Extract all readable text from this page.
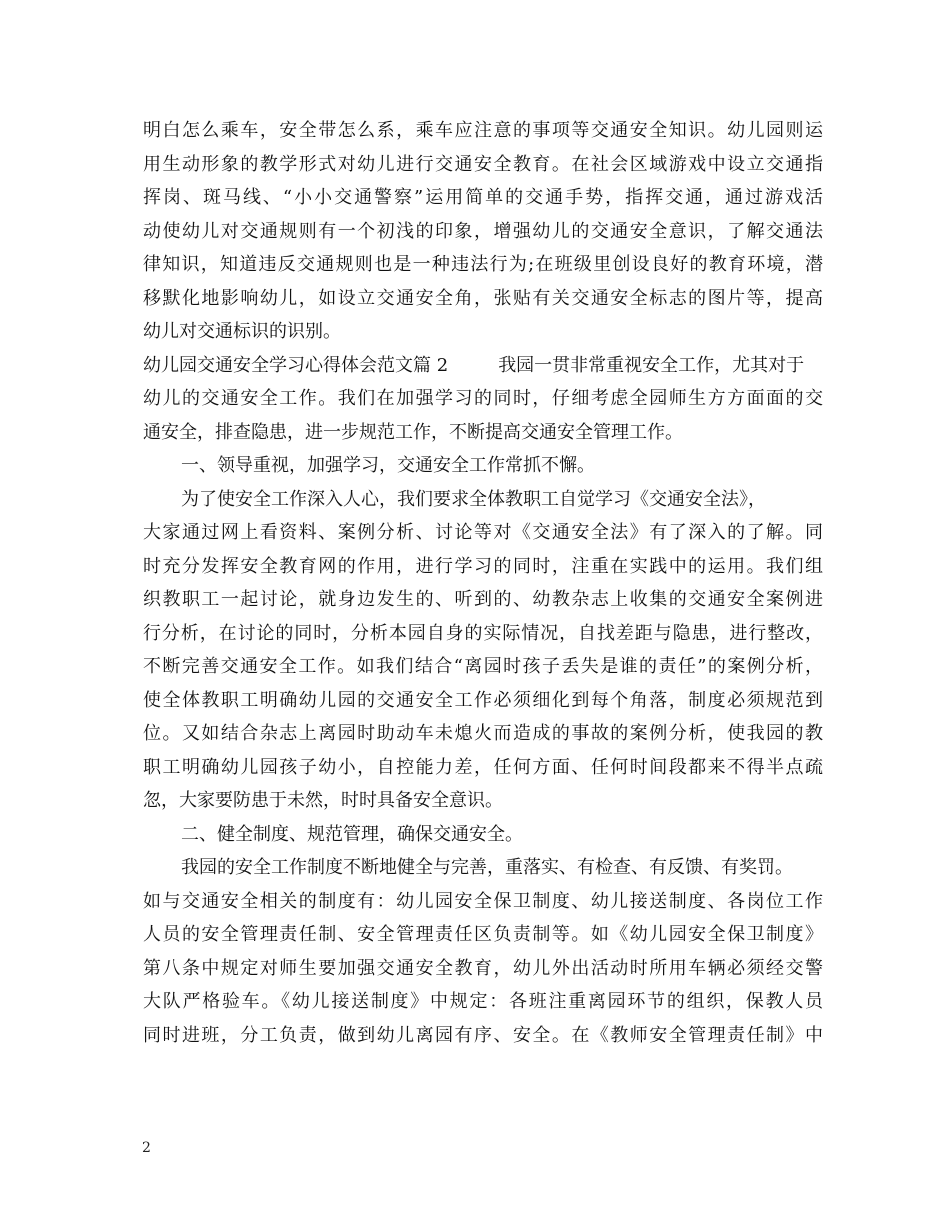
明白怎么乘车，安全带怎么系，乘车应注意的事项等交通安全知识。幼儿园则运
用生动形象的教学形式对幼儿进行交通安全教育。在社会区域游戏中设立交通指
挥岗、斑马线、“小小交通警察”运用简单的交通手势，指挥交通，通过游戏活
动使幼儿对交通规则有一个初浅的印象，增强幼儿的交通安全意识，了解交通法
律知识，知道违反交通规则也是一种违法行为;在班级里创设良好的教育环境，潜
移默化地影响幼儿，如设立交通安全角，张贴有关交通安全标志的图片等，提高
幼儿对交通标识的识别。
幼儿园交通安全学习心得体会范文篇 2	我园一贯非常重视安全工作，尤其对于
幼儿的交通安全工作。我们在加强学习的同时，仔细考虑全园师生方方面面的交
通安全，排查隐患，进一步规范工作，不断提高交通安全管理工作。
一、领导重视，加强学习，交通安全工作常抓不懈。
为了使安全工作深入人心，我们要求全体教职工自觉学习《交通安全法》，
大家通过网上看资料、案例分析、讨论等对《交通安全法》有了深入的了解。同
时充分发挥安全教育网的作用，进行学习的同时，注重在实践中的运用。我们组
织教职工一起讨论，就身边发生的、听到的、幼教杂志上收集的交通安全案例进
行分析，在讨论的同时，分析本园自身的实际情况，自找差距与隐患，进行整改，
不断完善交通安全工作。如我们结合“离园时孩子丢失是谁的责任”的案例分析，
使全体教职工明确幼儿园的交通安全工作必须细化到每个角落，制度必须规范到
位。又如结合杂志上离园时助动车未熄火而造成的事故的案例分析，使我园的教
职工明确幼儿园孩子幼小，自控能力差，任何方面、任何时间段都来不得半点疏
忽，大家要防患于未然，时时具备安全意识。
二、健全制度、规范管理，确保交通安全。
我园的安全工作制度不断地健全与完善，重落实、有检查、有反馈、有奖罚。
如与交通安全相关的制度有：幼儿园安全保卫制度、幼儿接送制度、各岗位工作
人员的安全管理责任制、安全管理责任区负责制等。如《幼儿园安全保卫制度》
第八条中规定对师生要加强交通安全教育，幼儿外出活动时所用车辆必须经交警
大队严格验车。《幼儿接送制度》中规定：各班注重离园环节的组织，保教人员
同时进班，分工负责，做到幼儿离园有序、安全。在《教师安全管理责任制》中
2
